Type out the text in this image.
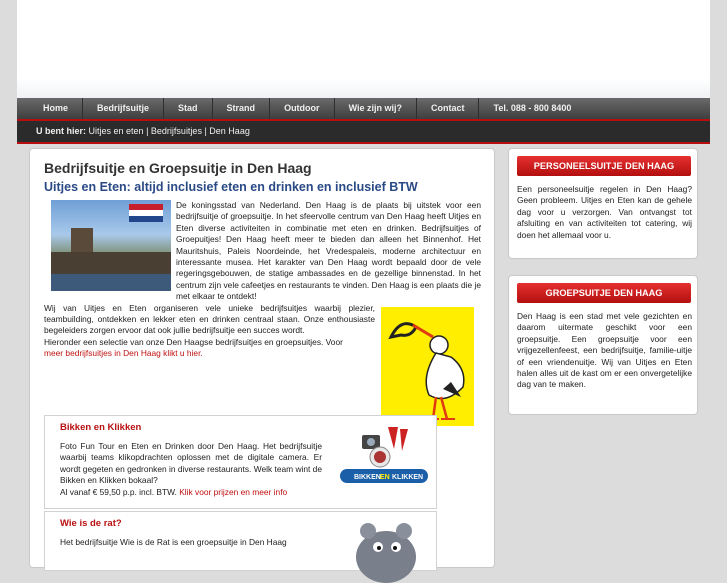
Home	Bedrijfsuitje	Stad	Strand	Outdoor	Wie zijn wij?	Contact	Tel. 088 - 800 8400
U bent hier: Uitjes en eten | Bedrijfsuitjes | Den Haag
Bedrijfsuitje en Groepsuitje in Den Haag
Uitjes en Eten: altijd inclusief eten en drinken en inclusief BTW

De koningsstad van Nederland. Den Haag is de plaats bij uitstek voor een bedrijfsuitje of groepsuitje. In het sfeervolle centrum van Den Haag heeft Uitjes en Eten diverse activiteiten in combinatie met eten en drinken. Bedrijfsuitjes of Groepuitjes! Den Haag heeft meer te bieden dan alleen het Binnenhof. Het Mauritshuis, Paleis Noordeinde, het Vredespaleis, moderne architectuur en interessante musea. Het karakter van Den Haag wordt bepaald door de vele regeringsgebouwen, de statige ambassades en de gezellige binnenstad. In het centrum zijn vele cafeetjes en restaurants te vinden. Den Haag is een plaats die je met elkaar te ontdekt!

Wij van Uitjes en Eten organiseren vele unieke bedrijfsuitjes waarbij plezier, teambuilding, ontdekken en lekker eten en drinken centraal staan. Onze enthousiaste begeleiders zorgen ervoor dat ook jullie bedrijfsuitje een succes wordt.

Hieronder een selectie van onze Den Haagse bedrijfsuitjes en groepsuitjes. Voor
meer bedrijfsuitjes in Den Haag klikt u hier.

Bikken en Klikken
Foto Fun Tour en Eten en Drinken door Den Haag. Het bedrijfsuitje waarbij teams klikopdrachten oplossen met de digitale camera. Er wordt gegeten en gedronken in diverse restaurants. Welk team wint de Bikken en Klikken bokaal?
Al vanaf € 59,50 p.p. incl. BTW. Klik voor prijzen en meer info
BIKKEN EN KLIKKEN
Wie is de rat?
Het bedrijfsuitje Wie is de Rat is een groepsuitje in Den Haag
PERSONEELSUITJE DEN HAAG
Een personeelsuitje regelen in Den Haag? Geen probleem. Uitjes en Eten kan de gehele dag voor u verzorgen. Van ontvangst tot afsluiting en van activiteiten tot catering, wij doen het allemaal voor u.
GROEPSUITJE DEN HAAG
Den Haag is een stad met vele gezichten en daarom uitermate geschikt voor een groepsuitje. Een groepsuitje voor een vrijgezellenfeest, een bedrijfsuitje, familie-uitje of een vriendenuitje. Wij van Uitjes en Eten halen alles uit de kast om er een onvergetelijke dag van te maken.
